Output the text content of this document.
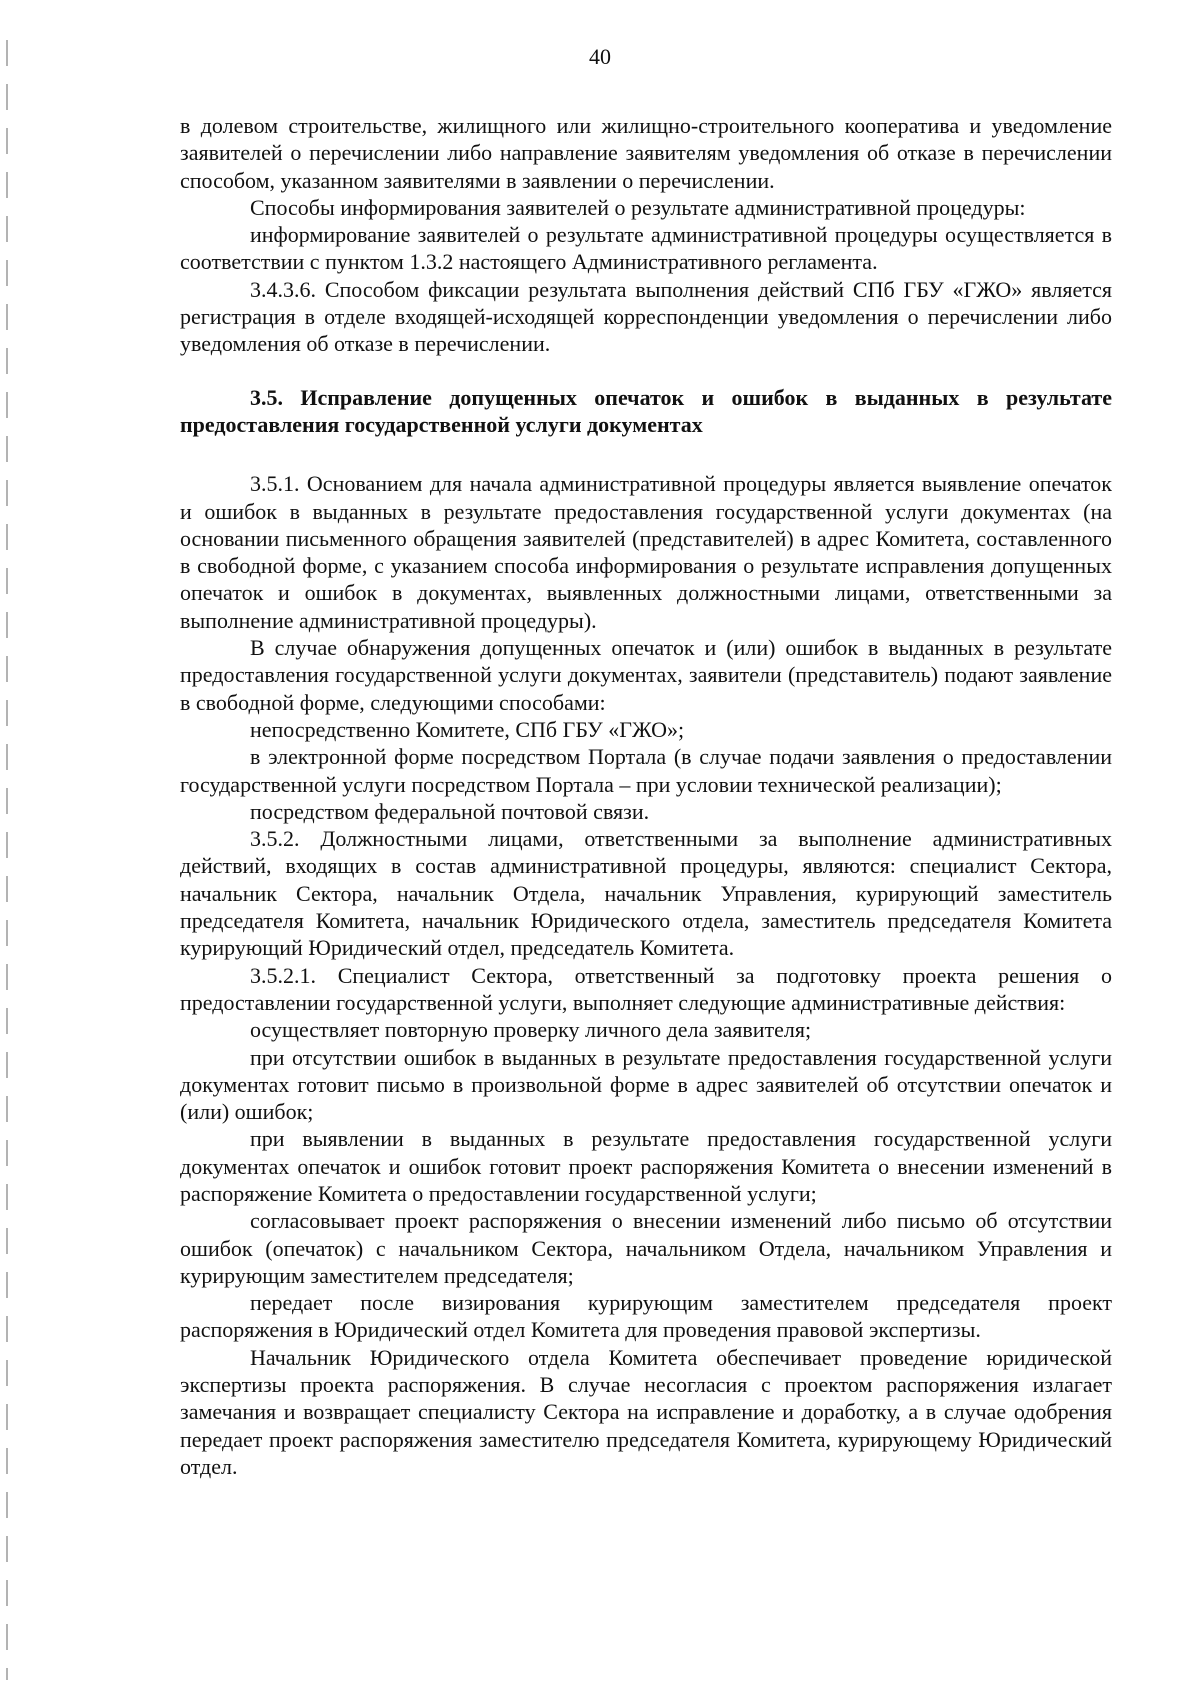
40

в долевом строительстве, жилищного или жилищно-строительного кооператива и уведомление заявителей о перечислении либо направление заявителям уведомления об отказе в перечислении способом, указанном заявителями в заявлении о перечислении.

Способы информирования заявителей о результате административной процедуры:

информирование заявителей о результате административной процедуры осуществляется в соответствии с пунктом 1.3.2 настоящего Административного регламента.

3.4.3.6. Способом фиксации результата выполнения действий СПб ГБУ «ГЖО» является регистрация в отделе входящей-исходящей корреспонденции уведомления о перечислении либо уведомления об отказе в перечислении.

3.5. Исправление допущенных опечаток и ошибок в выданных в результате предоставления государственной услуги документах

3.5.1. Основанием для начала административной процедуры является выявление опечаток и ошибок в выданных в результате предоставления государственной услуги документах (на основании письменного обращения заявителей (представителей) в адрес Комитета, составленного в свободной форме, с указанием способа информирования о результате исправления допущенных опечаток и ошибок в документах, выявленных должностными лицами, ответственными за выполнение административной процедуры).

В случае обнаружения допущенных опечаток и (или) ошибок в выданных в результате предоставления государственной услуги документах, заявители (представитель) подают заявление в свободной форме, следующими способами:

непосредственно Комитете, СПб ГБУ «ГЖО»;

в электронной форме посредством Портала (в случае подачи заявления о предоставлении государственной услуги посредством Портала – при условии технической реализации);

посредством федеральной почтовой связи.

3.5.2. Должностными лицами, ответственными за выполнение административных действий, входящих в состав административной процедуры, являются: специалист Сектора, начальник Сектора, начальник Отдела, начальник Управления, курирующий заместитель председателя Комитета, начальник Юридического отдела, заместитель председателя Комитета курирующий Юридический отдел, председатель Комитета.

3.5.2.1. Специалист Сектора, ответственный за подготовку проекта решения о предоставлении государственной услуги, выполняет следующие административные действия:

осуществляет повторную проверку личного дела заявителя;

при отсутствии ошибок в выданных в результате предоставления государственной услуги документах готовит письмо в произвольной форме в адрес заявителей об отсутствии опечаток и (или) ошибок;

при выявлении в выданных в результате предоставления государственной услуги документах опечаток и ошибок готовит проект распоряжения Комитета о внесении изменений в распоряжение Комитета о предоставлении государственной услуги;

согласовывает проект распоряжения о внесении изменений либо письмо об отсутствии ошибок (опечаток) с начальником Сектора, начальником Отдела, начальником Управления и курирующим заместителем председателя;

передает после визирования курирующим заместителем председателя проект распоряжения в Юридический отдел Комитета для проведения правовой экспертизы.

Начальник Юридического отдела Комитета обеспечивает проведение юридической экспертизы проекта распоряжения. В случае несогласия с проектом распоряжения излагает замечания и возвращает специалисту Сектора на исправление и доработку, а в случае одобрения передает проект распоряжения заместителю председателя Комитета, курирующему Юридический отдел.
